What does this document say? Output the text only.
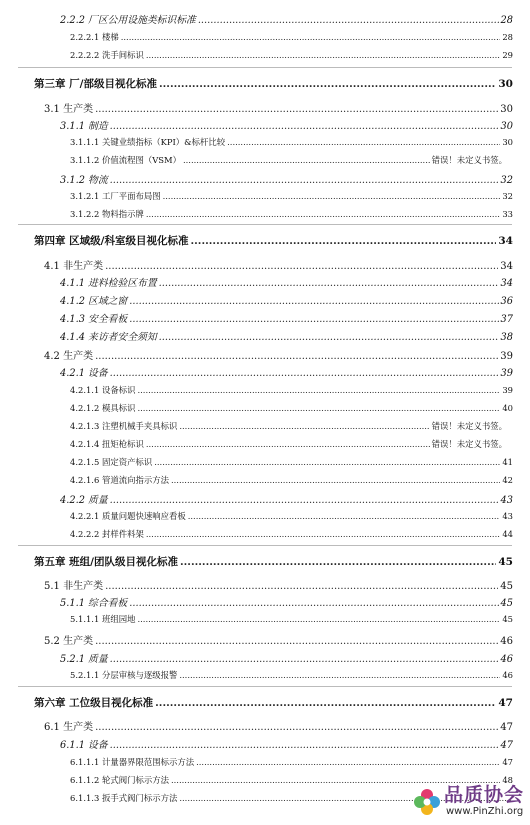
2.2.2 厂区公用设施类标识标准 .....	28
2.2.2.1 楼梯 .....	28
2.2.2.2 洗手间标识 .....	29
第三章 厂/部级目视化标准 .....	30
3.1 生产类 .....	30
3.1.1 制造 .....	30
3.1.1.1 关键业绩指标（KPI）&标杆比较 .....	30
3.1.1.2 价值流程图（VSM） .....	错误！未定义书签。
3.1.2 物流 .....	32
3.1.2.1 工厂平面布局图 .....	32
3.1.2.2 物料指示牌 .....	33
第四章 区域级/科室级目视化标准 .....	34
4.1 非生产类 .....	34
4.1.1 进料检验区布置 .....	34
4.1.2 区域之窗 .....	36
4.1.3 安全看板 .....	37
4.1.4 来访者安全须知 .....	38
4.2 生产类 .....	39
4.2.1 设备 .....	39
4.2.1.1 设备标识 .....	39
4.2.1.2 模具标识 .....	40
4.2.1.3 注塑机械手夹具标识 .....	错误！未定义书签。
4.2.1.4 扭矩枪标识 .....	错误！未定义书签。
4.2.1.5 固定资产标识 .....	41
4.2.1.6 管道流向指示方法 .....	42
4.2.2 质量 .....	43
4.2.2.1 质量问题快速响应看板 .....	43
4.2.2.2 封样件料架 .....	44
第五章 班组/团队级目视化标准 .....	45
5.1 非生产类 .....	45
5.1.1 综合看板 .....	45
5.1.1.1 班组园地 .....	45
5.2 生产类 .....	46
5.2.1 质量 .....	46
5.2.1.1 分层审核与逐级报警 .....	46
第六章 工位级目视化标准 .....	47
6.1 生产类 .....	47
6.1.1 设备 .....	47
6.1.1.1 计量器界限范围标示方法 .....	47
6.1.1.2 轮式阀门标示方法 .....	48
6.1.1.3 扳手式阀门标示方法 .....	品质协会
www.PinZhi.org
